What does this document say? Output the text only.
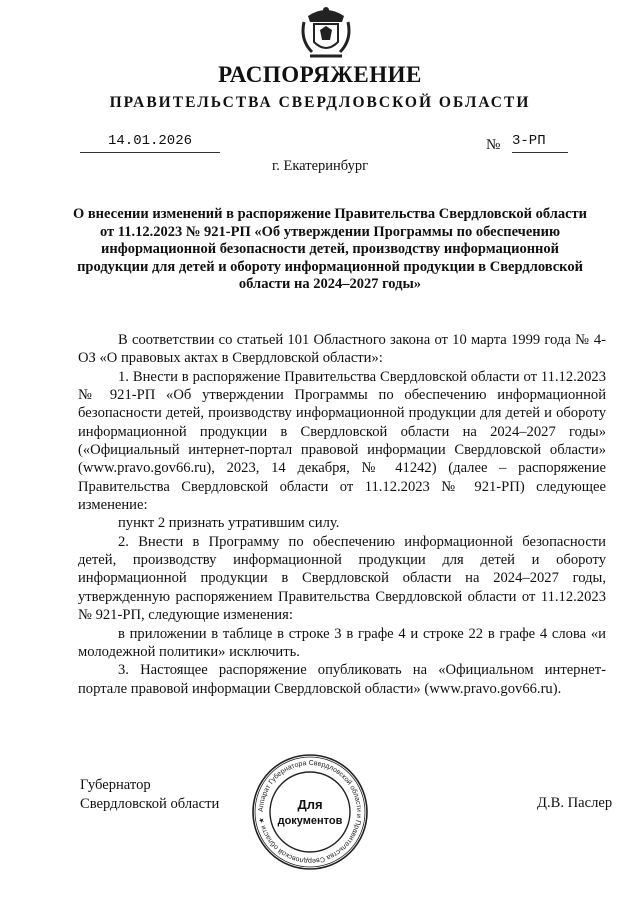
РАСПОРЯЖЕНИЕ
ПРАВИТЕЛЬСТВА СВЕРДЛОВСКОЙ ОБЛАСТИ
14.01.2026	№ 3-РП
г. Екатеринбург
О внесении изменений в распоряжение Правительства Свердловской области от 11.12.2023 № 921-РП «Об утверждении Программы по обеспечению информационной безопасности детей, производству информационной продукции для детей и обороту информационной продукции в Свердловской области на 2024–2027 годы»

В соответствии со статьей 101 Областного закона от 10 марта 1999 года № 4-ОЗ «О правовых актах в Свердловской области»:

1. Внести в распоряжение Правительства Свердловской области от 11.12.2023 № 921-РП «Об утверждении Программы по обеспечению информационной безопасности детей, производству информационной продукции для детей и обороту информационной продукции в Свердловской области на 2024–2027 годы» («Официальный интернет-портал правовой информации Свердловской области» (www.pravo.gov66.ru), 2023, 14 декабря, № 41242) (далее – распоряжение Правительства Свердловской области от 11.12.2023 № 921-РП) следующее изменение:

пункт 2 признать утратившим силу.

2. Внести в Программу по обеспечению информационной безопасности детей, производству информационной продукции для детей и обороту информационной продукции в Свердловской области на 2024–2027 годы, утвержденную распоряжением Правительства Свердловской области от 11.12.2023 № 921-РП, следующие изменения:

в приложении в таблице в строке 3 в графе 4 и строке 22 в графе 4 слова «и молодежной политики» исключить.

3. Настоящее распоряжение опубликовать на «Официальном интернет-портале правовой информации Свердловской области» (www.pravo.gov66.ru).

Губернатор
Свердловской области	Д.В. Паслер
Аппарат Губернатора Свердловской области и Правительства Свердловской области ★
Для
документов
